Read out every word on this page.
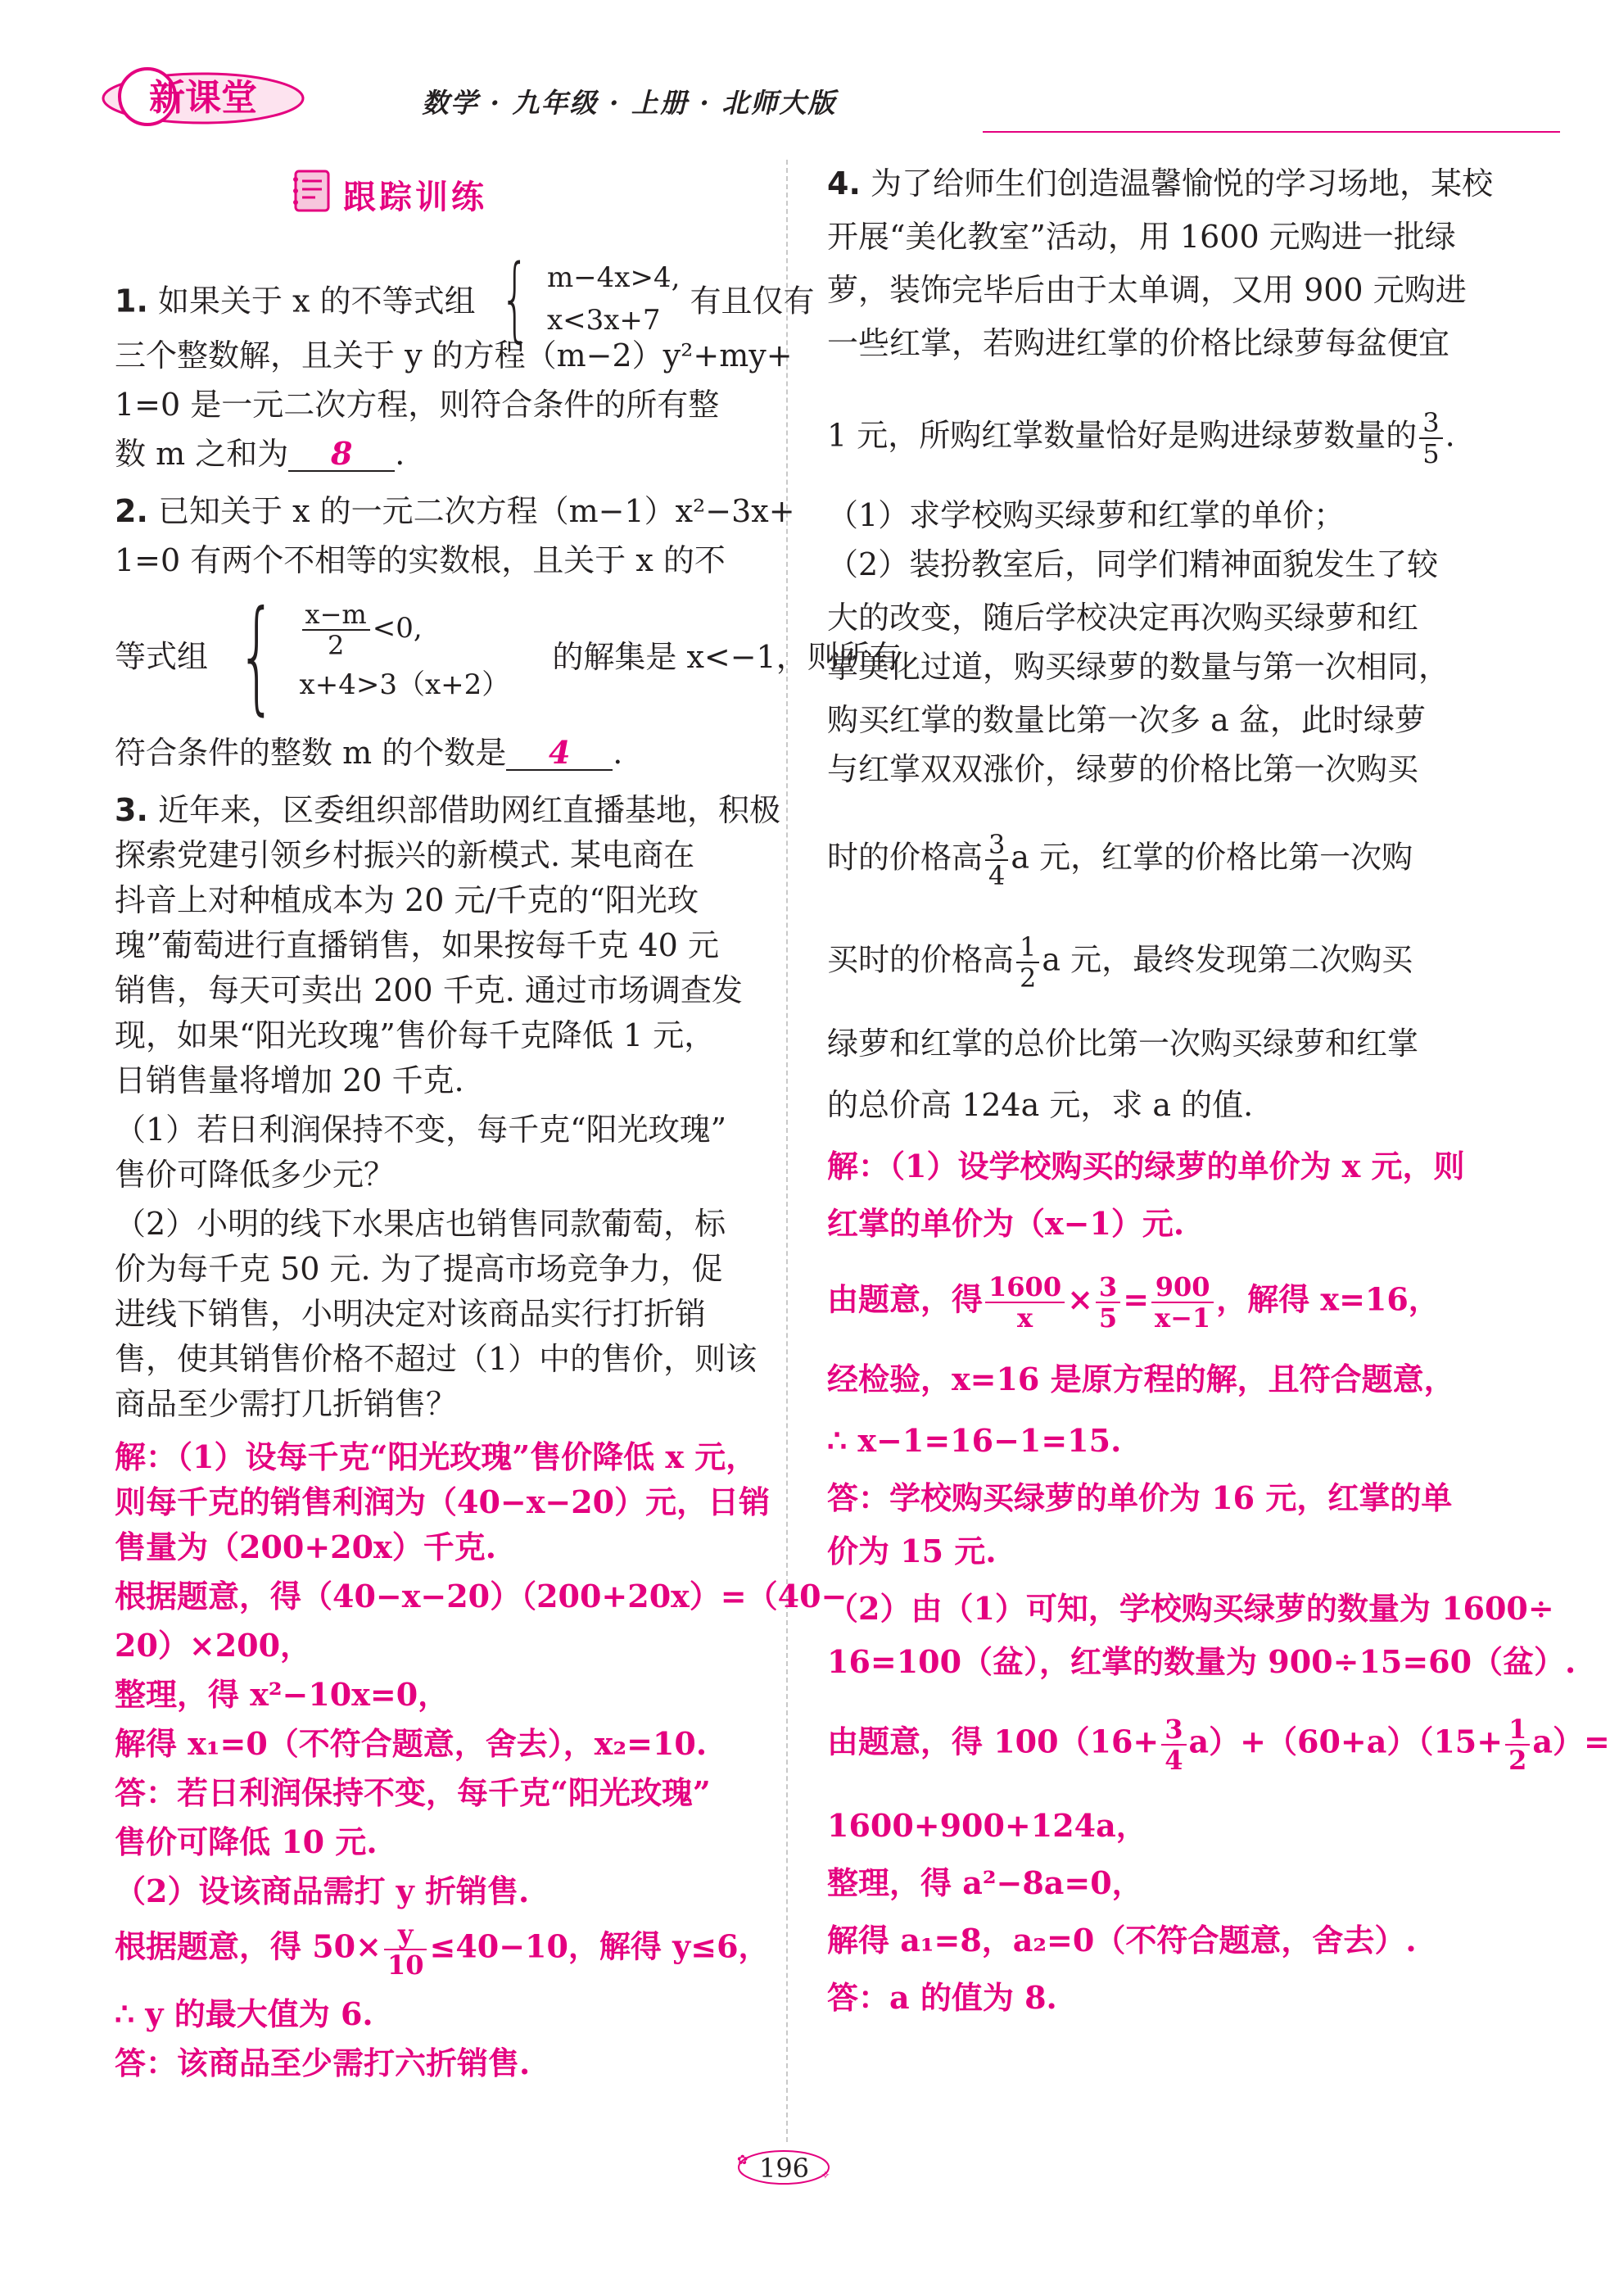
新课堂	数学 · 九年级 · 上册 · 北师大版
跟踪训练

1. 如果关于 x 的不等式组 { m−4x>4,
x<3x+7
有且仅有

三个整数解，且关于 y 的方程（m−2）y²+my+

1=0 是一元二次方程，则符合条件的所有整

数 m 之和为 8 .

2. 已知关于 x 的一元二次方程（m−1）x²−3x+

1=0 有两个不相等的实数根，且关于 x 的不

等式组 { $\frac{x-m}{2} <0$,
x+4>3（x+2）
的解集是 x<−1，则所有

符合条件的整数 m 的个数是 4 .

3. 近年来，区委组织部借助网红直播基地，积极

探索党建引领乡村振兴的新模式. 某电商在

抖音上对种植成本为 20 元/千克的“阳光玫

瑰”葡萄进行直播销售，如果按每千克 40 元

销售，每天可卖出 200 千克. 通过市场调查发

现，如果“阳光玫瑰”售价每千克降低 1 元，

日销售量将增加 20 千克.

（1）若日利润保持不变，每千克“阳光玫瑰”

售价可降低多少元？

（2）小明的线下水果店也销售同款葡萄，标

价为每千克 50 元. 为了提高市场竞争力，促

进线下销售，小明决定对该商品实行打折销

售，使其销售价格不超过（1）中的售价，则该

商品至少需打几折销售？

解：（1）设每千克“阳光玫瑰”售价降低 x 元，

则每千克的销售利润为（40−x−20）元，日销

售量为（200+20x）千克.

根据题意，得（40−x−20）（200+20x）=（40−

20）×200，

整理，得 x²−10x=0，

解得 x₁=0（不符合题意，舍去），x₂=10.

答：若日利润保持不变，每千克“阳光玫瑰”

售价可降低 10 元.

（2）设该商品需打 y 折销售.

根据题意，得 $50\times \frac{y}{10} \le 40-10$，解得 y≤6，

∴ y 的最大值为 6.

答：该商品至少需打六折销售.

4. 为了给师生们创造温馨愉悦的学习场地，某校

开展“美化教室”活动，用 1600 元购进一批绿

萝，装饰完毕后由于太单调，又用 900 元购进

一些红掌，若购进红掌的价格比绿萝每盆便宜

1 元，所购红掌数量恰好是购进绿萝数量的 $\frac{3}{5}$ .

（1）求学校购买绿萝和红掌的单价；

（2）装扮教室后，同学们精神面貌发生了较

大的改变，随后学校决定再次购买绿萝和红

掌美化过道，购买绿萝的数量与第一次相同，

购买红掌的数量比第一次多 a 盆，此时绿萝

与红掌双双涨价，绿萝的价格比第一次购买

时的价格高 $\frac{3}{4}$ a 元，红掌的价格比第一次购

买时的价格高 $\frac{1}{2}$ a 元，最终发现第二次购买

绿萝和红掌的总价比第一次购买绿萝和红掌

的总价高 124a 元，求 a 的值.

解：（1）设学校购买的绿萝的单价为 x 元，则

红掌的单价为（x−1）元.

由题意，得 $\frac{1600}{x} \times \frac{3}{5} = \frac{900}{x-1}$ ，解得 x=16，

经检验，x=16 是原方程的解，且符合题意，

∴ x−1=16−1=15.

答：学校购买绿萝的单价为 16 元，红掌的单

价为 15 元.

（2）由（1）可知，学校购买绿萝的数量为 1600÷

16=100（盆），红掌的数量为 900÷15=60（盆）.

由题意，得 $100(16+ \frac{3}{4} a)+(60+a)(15+ \frac{1}{2} a)=$

1600+900+124a，

整理，得 a²−8a=0，

解得 a₁=8，a₂=0（不符合题意，舍去）.

答：a 的值为 8.

✿
✧
196
